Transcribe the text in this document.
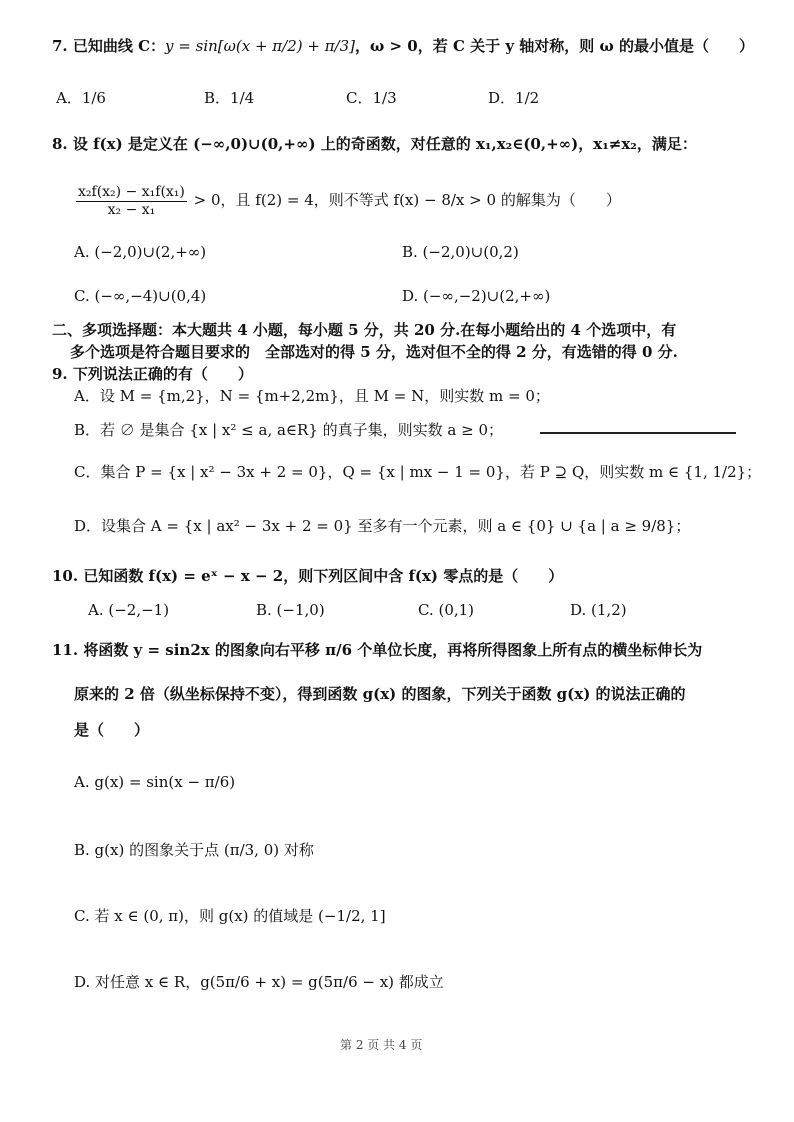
7. 已知曲线 C：y = sin[ω(x + π/2) + π/3]，ω > 0，若 C 关于 y 轴对称，则 ω 的最小值是（　　）
A．1/6	B．1/4	C．1/3	D．1/2
8. 设 f(x) 是定义在 (−∞,0)∪(0,+∞) 上的奇函数，对任意的 x₁,x₂∈(0,+∞)，x₁≠x₂，满足：
$\frac{\text{x₂f(x₂) − x₁f(x₁)}}{\text{x₂ − x₁}} > 0$，且 f(2) = 4，则不等式 f(x) − 8/x > 0 的解集为（　　）
A. (−2,0)∪(2,+∞)	B. (−2,0)∪(0,2)
C. (−∞,−4)∪(0,4)	D. (−∞,−2)∪(2,+∞)
二、多项选择题：本大题共 4 小题，每小题 5 分，共 20 分.在每小题给出的 4 个选项中，有
多个选项是符合题目要求的　全部选对的得 5 分，选对但不全的得 2 分，有选错的得 0 分.
9. 下列说法正确的有（　　）
A．设 M = {m,2}，N = {m+2,2m}，且 M = N，则实数 m = 0；
B．若 ∅ 是集合 {x | x² ≤ a, a∈R} 的真子集，则实数 a ≥ 0；
C．集合 P = {x | x² − 3x + 2 = 0}，Q = {x | mx − 1 = 0}，若 P ⊇ Q，则实数 m ∈ {1, 1/2}；
D．设集合 A = {x | ax² − 3x + 2 = 0} 至多有一个元素，则 a ∈ {0} ∪ {a | a ≥ 9/8}；
10. 已知函数 f(x) = eˣ − x − 2，则下列区间中含 f(x) 零点的是（　　）
A. (−2,−1)	B. (−1,0)	C. (0,1)	D. (1,2)
11. 将函数 y = sin2x 的图象向右平移 π/6 个单位长度，再将所得图象上所有点的横坐标伸长为
原来的 2 倍（纵坐标保持不变），得到函数 g(x) 的图象，下列关于函数 g(x) 的说法正确的
是（　　）
A. g(x) = sin(x − π/6)
B. g(x) 的图象关于点 (π/3, 0) 对称
C. 若 x ∈ (0, π)，则 g(x) 的值域是 (−1/2, 1]
D. 对任意 x ∈ R，g(5π/6 + x) = g(5π/6 − x) 都成立
第 2 页 共 4 页
